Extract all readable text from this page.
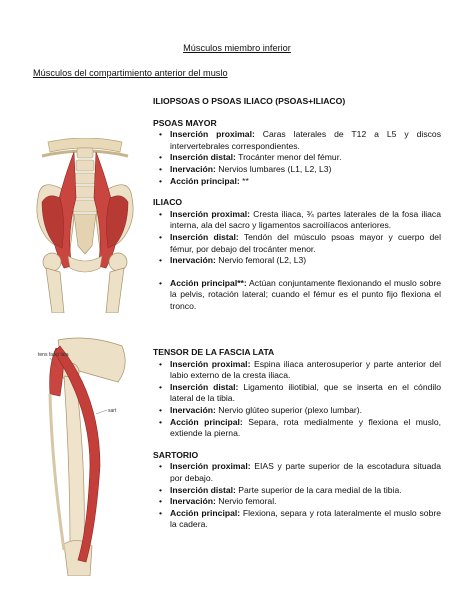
Músculos miembro inferior
Músculos del compartimiento anterior del muslo
tens fasci lata
sart

ILIOPSOAS O PSOAS ILIACO (PSOAS+ILIACO)

PSOAS MAYOR

• Inserción proximal: Caras laterales de T12 a L5 y discos intervertebrales correspondientes.
• Inserción distal: Trocánter menor del fémur.
• Inervación: Nervios lumbares (L1, L2, L3)
• Acción principal: **

ILIACO

• Inserción proximal: Cresta iliaca, ¾ partes laterales de la fosa iliaca interna, ala del sacro y ligamentos sacroilíacos anteriores.
• Inserción distal: Tendón del músculo psoas mayor y cuerpo del fémur, por debajo del trocánter menor.
• Inervación: Nervio femoral (L2, L3)
• Acción principal**: Actúan conjuntamente flexionando el muslo sobre la pelvis, rotación lateral; cuando el fémur es el punto fijo flexiona el tronco.

TENSOR DE LA FASCIA LATA

• Inserción proximal: Espina iliaca anterosuperior y parte anterior del labio externo de la cresta iliaca.
• Inserción distal: Ligamento iliotibial, que se inserta en el cóndilo lateral de la tibia.
• Inervación: Nervio glúteo superior (plexo lumbar).
• Acción principal: Separa, rota medialmente y flexiona el muslo, extiende la pierna.

SARTORIO

• Inserción proximal: EIAS y parte superior de la escotadura situada por debajo.
• Inserción distal: Parte superior de la cara medial de la tibia.
• Inervación: Nervio femoral.
• Acción principal: Flexiona, separa y rota lateralmente el muslo sobre la cadera.
